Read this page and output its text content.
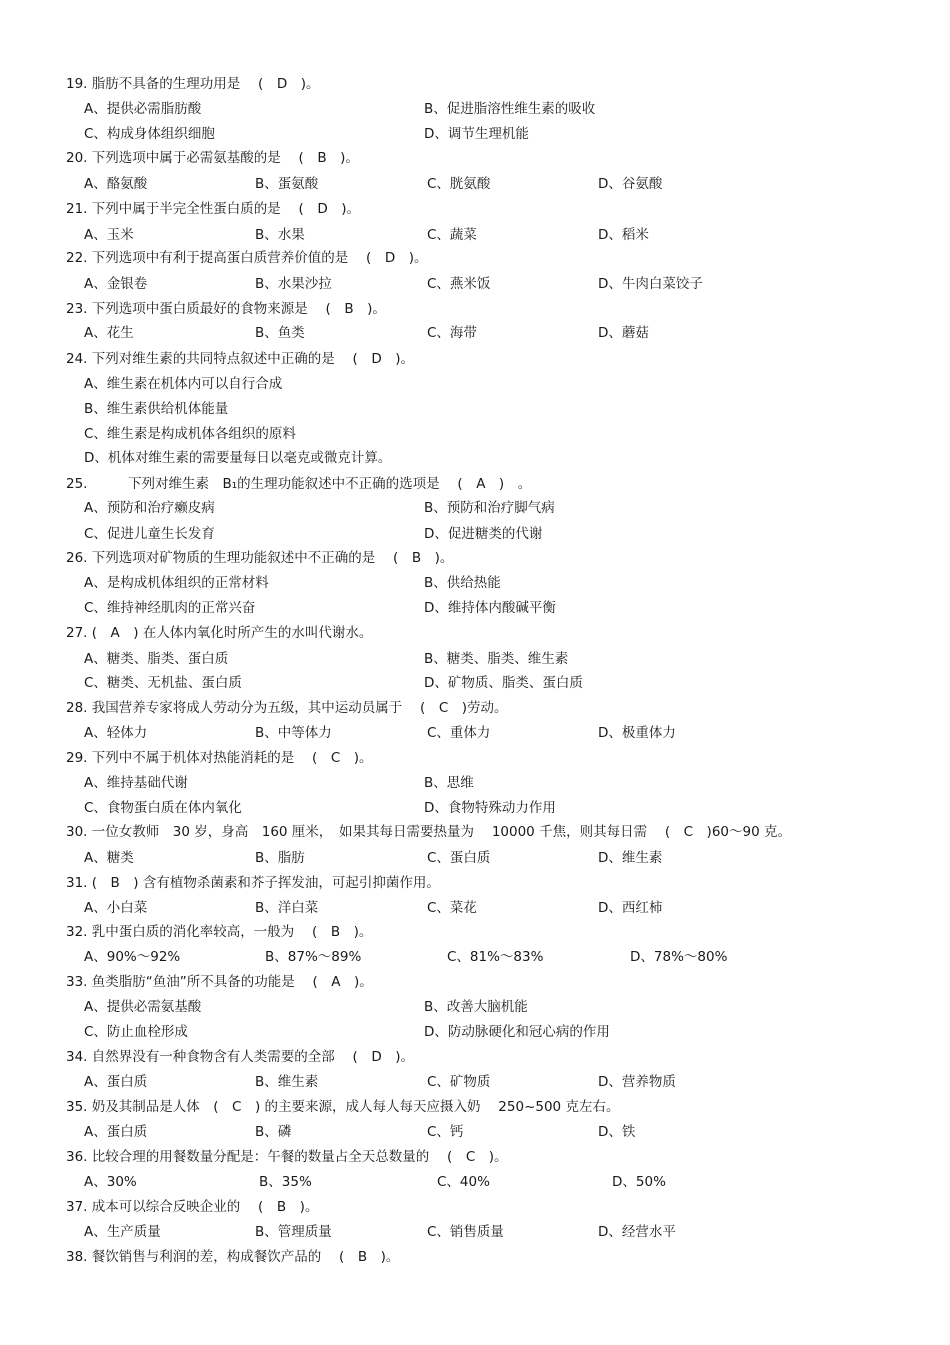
19. 脂肪不具备的生理功用是　 (　D　)。
A、提供必需脂肪酸	B、促进脂溶性维生素的吸收
C、构成身体组织细胞	D、调节生理机能
20. 下列选项中属于必需氨基酸的是　 (　B　)。
A、酪氨酸	B、蛋氨酸	C、胱氨酸	D、谷氨酸
21. 下列中属于半完全性蛋白质的是　 (　D　)。
A、玉米	B、水果	C、蔬菜	D、稻米
22. 下列选项中有利于提高蛋白质营养价值的是　 (　D　)。
A、金银卷	B、水果沙拉	C、燕米饭	D、牛肉白菜饺子
23. 下列选项中蛋白质最好的食物来源是　 (　B　)。
A、花生	B、鱼类	C、海带	D、蘑菇
24. 下列对维生素的共同特点叙述中正确的是　 (　D　)。
A、维生素在机体内可以自行合成
B、维生素供给机体能量
C、维生素是构成机体各组织的原料
D、机体对维生素的需要量每日以毫克或微克计算。
25.　　　下列对维生素　B₁的生理功能叙述中不正确的选项是　 (　A　)　。
A、预防和治疗癞皮病	B、预防和治疗脚气病
C、促进儿童生长发育	D、促进糖类的代谢
26. 下列选项对矿物质的生理功能叙述中不正确的是　 (　B　)。
A、是构成机体组织的正常材料	B、供给热能
C、维持神经肌肉的正常兴奋	D、维持体内酸碱平衡
27. (　A　) 在人体内氧化时所产生的水叫代谢水。
A、糖类、脂类、蛋白质	B、糖类、脂类、维生素
C、糖类、无机盐、蛋白质	D、矿物质、脂类、蛋白质
28. 我国营养专家将成人劳动分为五级，其中运动员属于　 (　C　)劳动。
A、轻体力	B、中等体力	C、重体力	D、极重体力
29. 下列中不属于机体对热能消耗的是　 (　C　)。
A、维持基础代谢	B、思维
C、食物蛋白质在体内氧化	D、食物特殊动力作用
30. 一位女教师　30 岁，身高　160 厘米，　如果其每日需要热量为　 10000 千焦，则其每日需　 (　C　)60～90 克。
A、糖类	B、脂肪	C、蛋白质	D、维生素
31. (　B　) 含有植物杀菌素和芥子挥发油，可起引抑菌作用。
A、小白菜	B、洋白菜	C、菜花	D、西红柿
32. 乳中蛋白质的消化率较高，一般为　 (　B　)。
A、90%～92%	B、87%～89%	C、81%～83%	D、78%～80%
33. 鱼类脂肪“鱼油”所不具备的功能是　 (　A　)。
A、提供必需氨基酸	B、改善大脑机能
C、防止血栓形成	D、防动脉硬化和冠心病的作用
34. 自然界没有一种食物含有人类需要的全部　 (　D　)。
A、蛋白质	B、维生素	C、矿物质	D、营养物质
35. 奶及其制品是人体　(　C　) 的主要来源，成人每人每天应摄入奶　 250~500 克左右。
A、蛋白质	B、磷	C、钙	D、铁
36. 比较合理的用餐数量分配是：午餐的数量占全天总数量的　 (　C　)。
A、30%	B、35%	C、40%	D、50%
37. 成本可以综合反映企业的　 (　B　)。
A、生产质量	B、管理质量	C、销售质量	D、经营水平
38. 餐饮销售与利润的差，构成餐饮产品的　 (　B　)。
